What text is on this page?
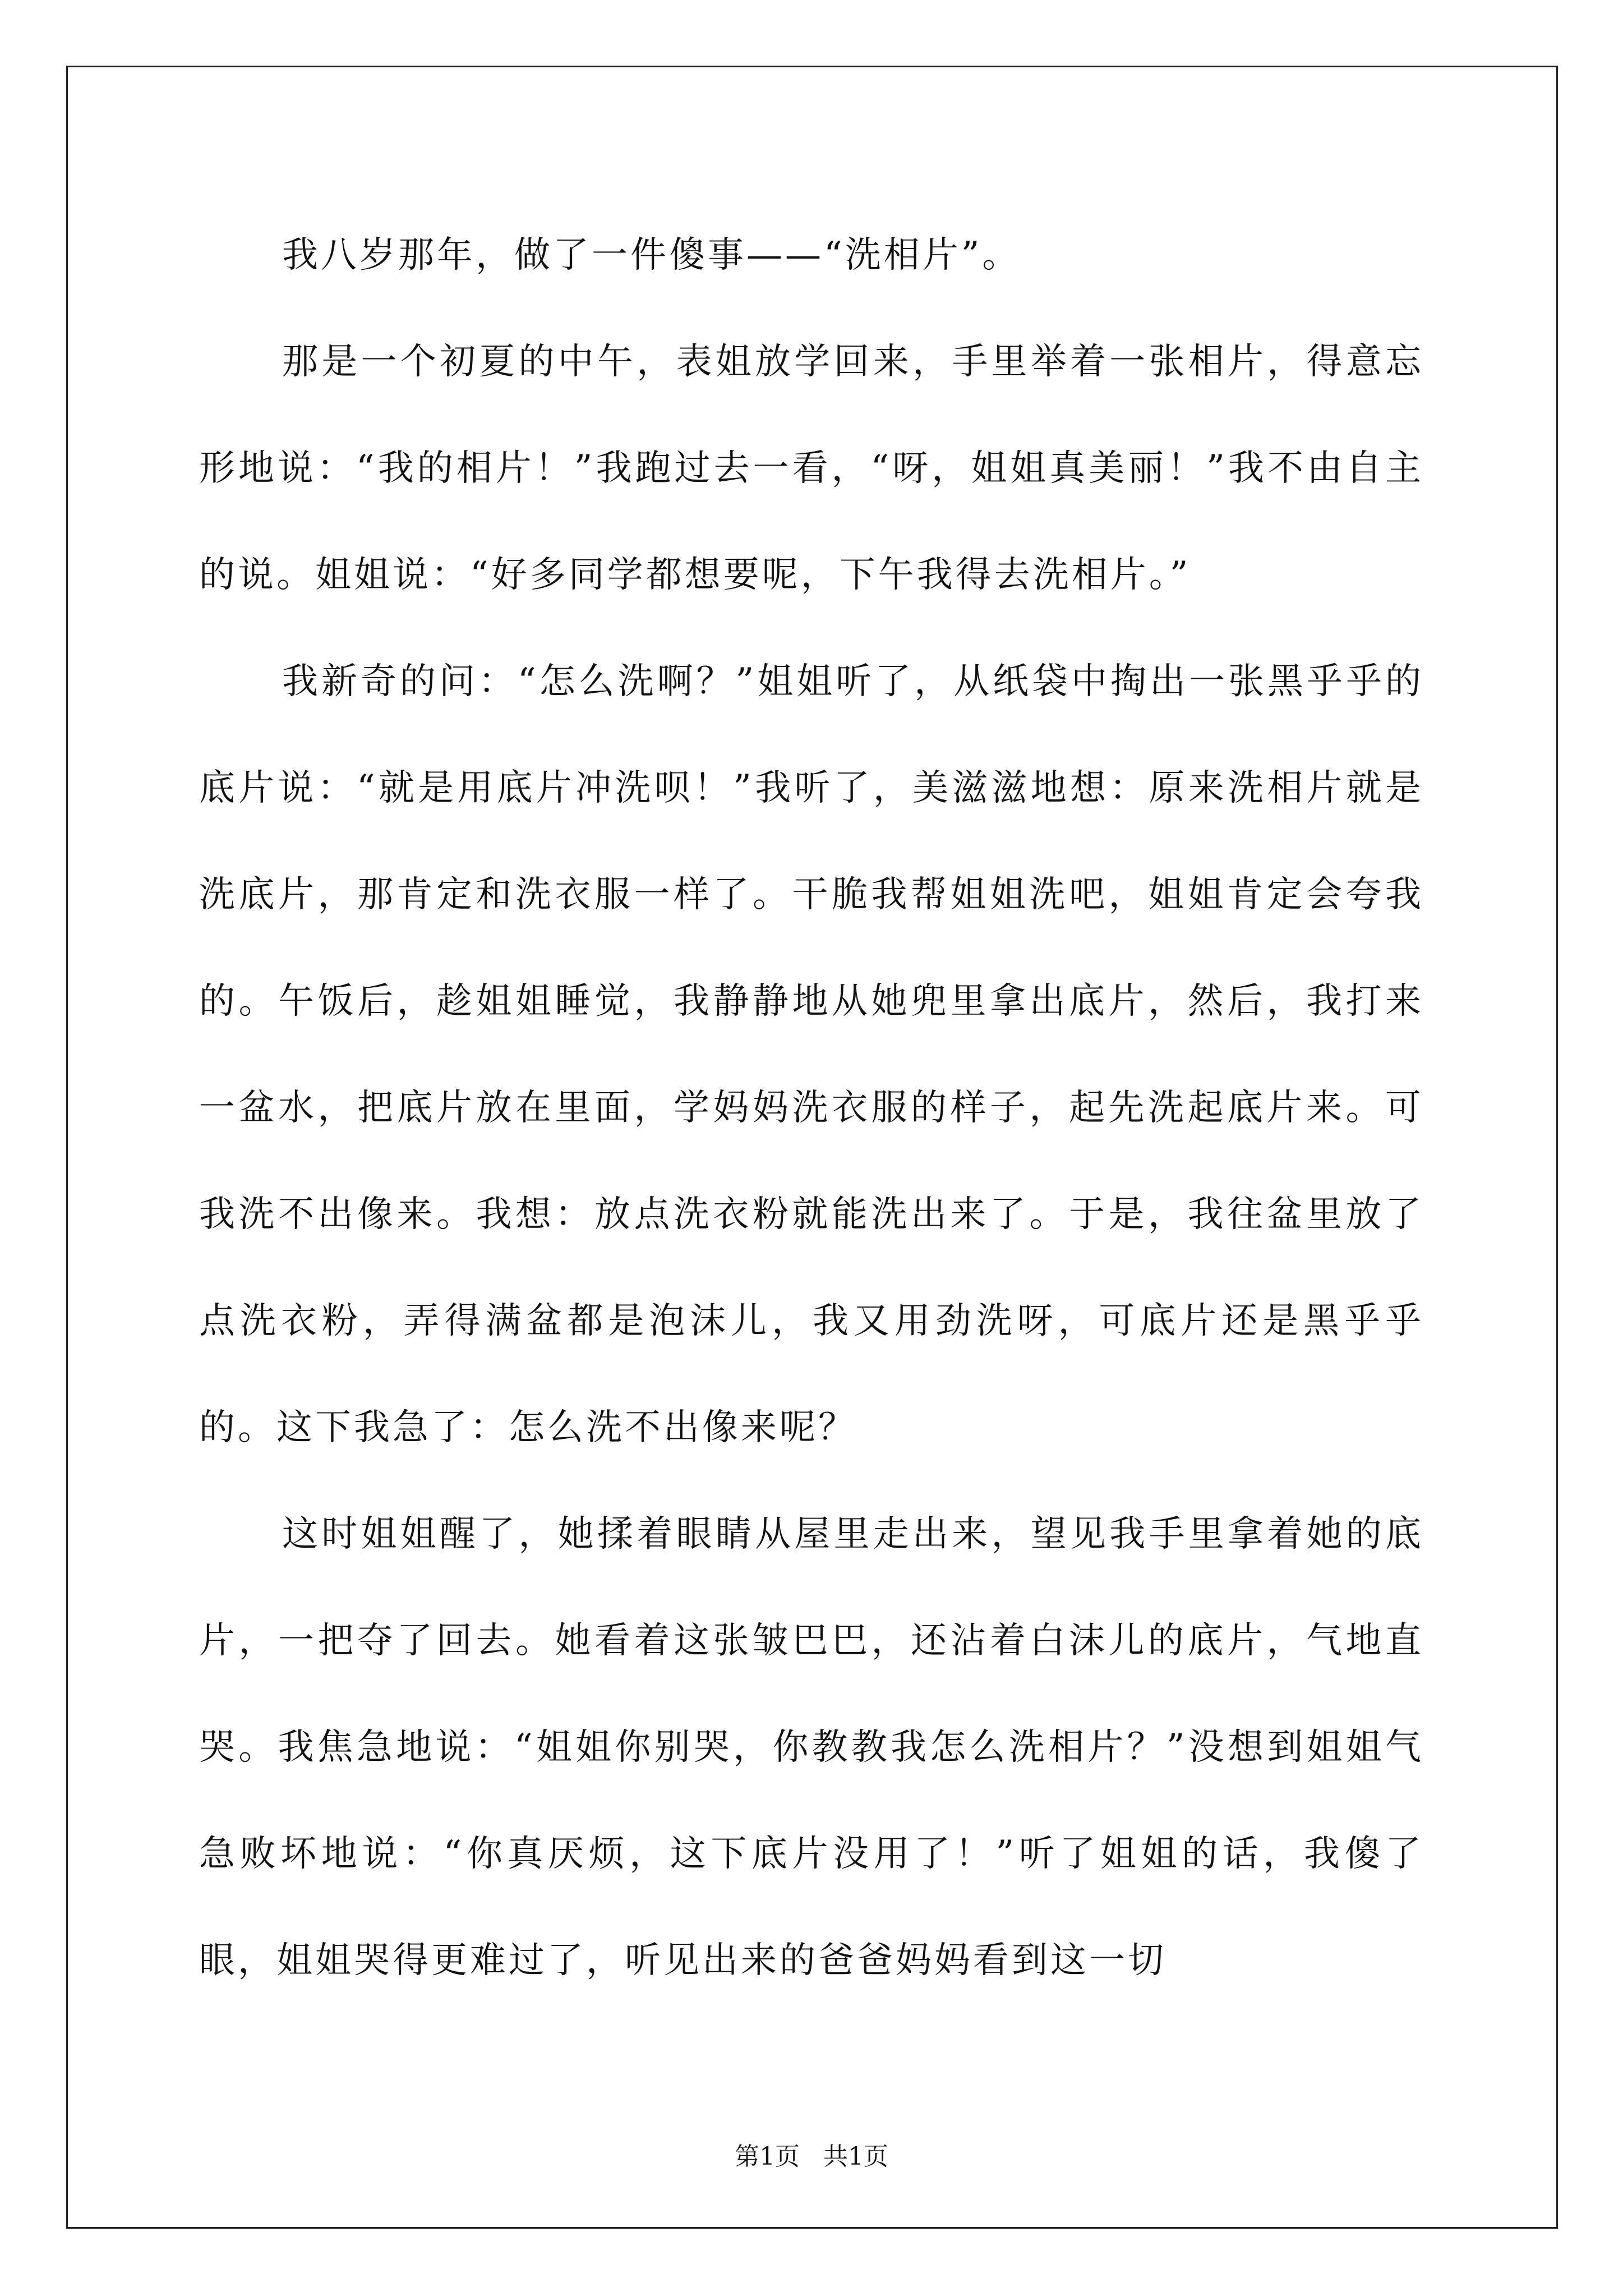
我八岁那年，做了一件傻事——“洗相片”。

那是一个初夏的中午，表姐放学回来，手里举着一张相片，得意忘形地说：“我的相片！”我跑过去一看，“呀，姐姐真美丽！”我不由自主的说。姐姐说：“好多同学都想要呢，下午我得去洗相片。”

我新奇的问：“怎么洗啊？”姐姐听了，从纸袋中掏出一张黑乎乎的底片说：“就是用底片冲洗呗！”我听了，美滋滋地想：原来洗相片就是洗底片，那肯定和洗衣服一样了。干脆我帮姐姐洗吧，姐姐肯定会夸我的。午饭后，趁姐姐睡觉，我静静地从她兜里拿出底片，然后，我打来一盆水，把底片放在里面，学妈妈洗衣服的样子，起先洗起底片来。可我洗不出像来。我想：放点洗衣粉就能洗出来了。于是，我往盆里放了点洗衣粉，弄得满盆都是泡沫儿，我又用劲洗呀，可底片还是黑乎乎的。这下我急了：怎么洗不出像来呢？

这时姐姐醒了，她揉着眼睛从屋里走出来，望见我手里拿着她的底片，一把夺了回去。她看着这张皱巴巴，还沾着白沫儿的底片，气地直哭。我焦急地说：“姐姐你别哭，你教教我怎么洗相片？”没想到姐姐气急败坏地说：“你真厌烦，这下底片没用了！”听了姐姐的话，我傻了眼，姐姐哭得更难过了，听见出来的爸爸妈妈看到这一切

第1页 共1页
